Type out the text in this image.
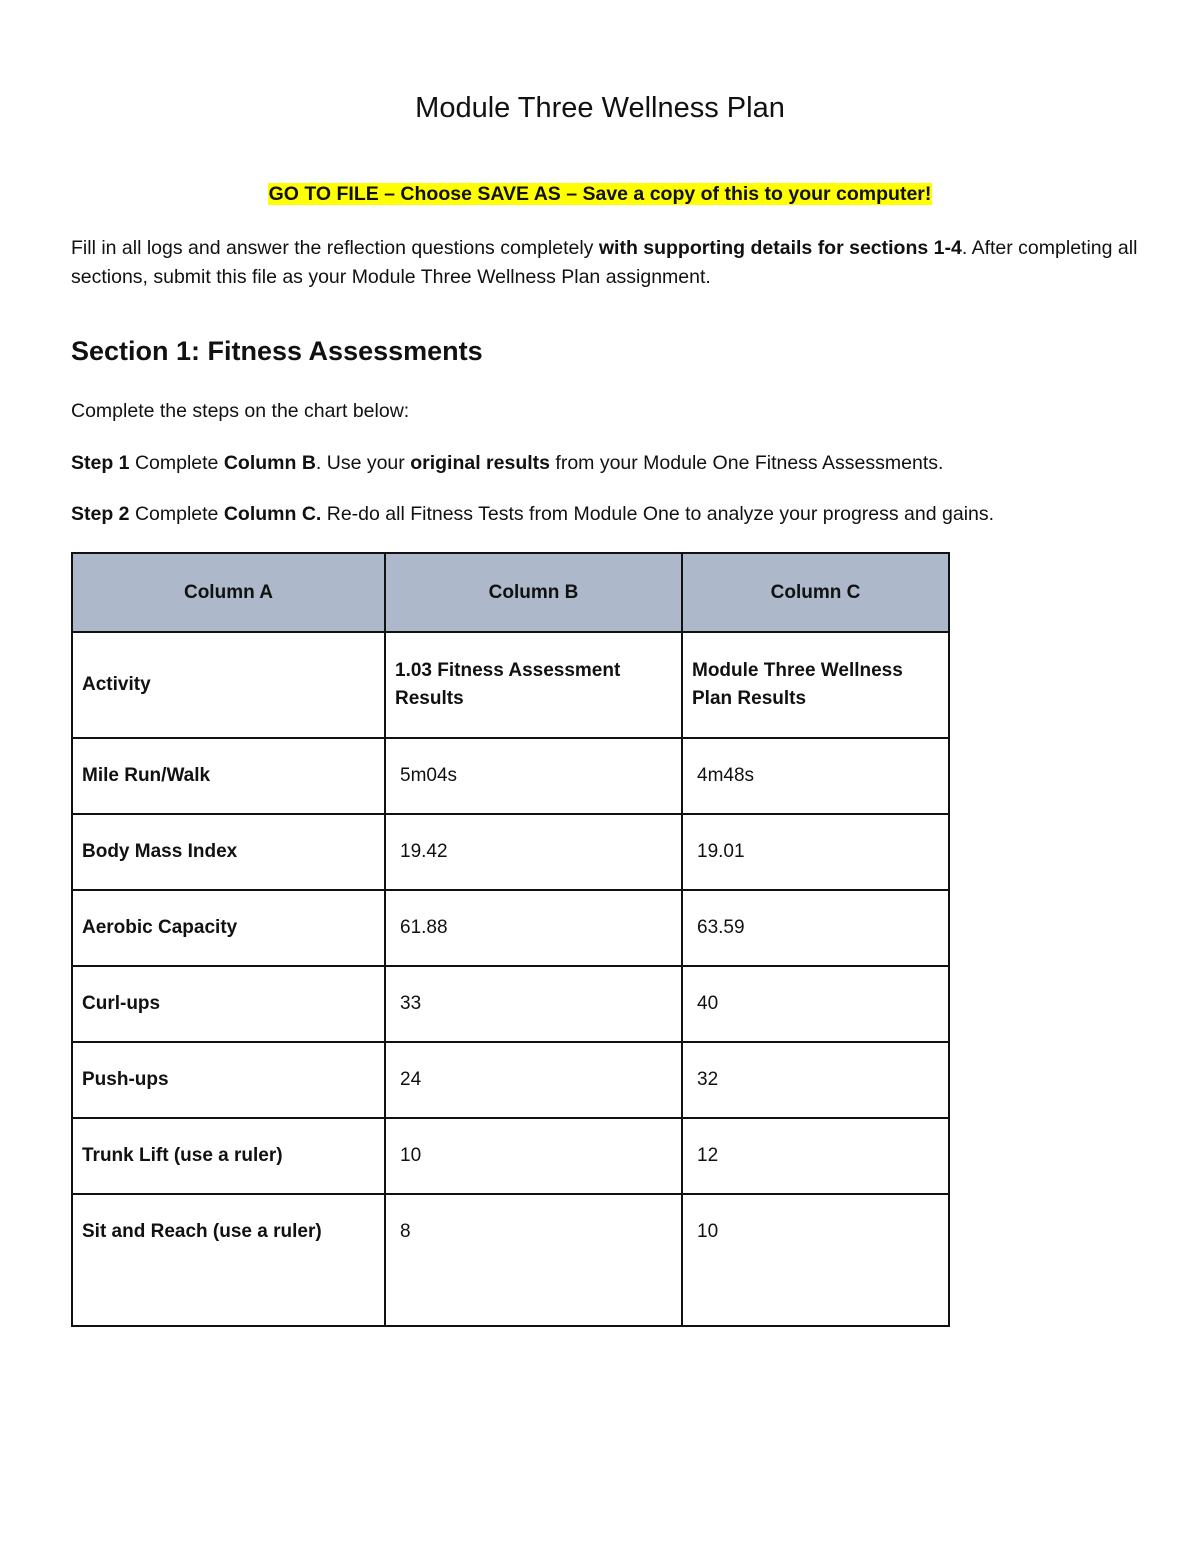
Module Three Wellness Plan
GO TO FILE – Choose SAVE AS – Save a copy of this to your computer!
Fill in all logs and answer the reflection questions completely with supporting details for sections 1-4. After completing all sections, submit this file as your Module Three Wellness Plan assignment.
Section 1: Fitness Assessments
Complete the steps on the chart below:
Step 1 Complete Column B. Use your original results from your Module One Fitness Assessments.
Step 2 Complete Column C. Re-do all Fitness Tests from Module One to analyze your progress and gains.
Column A	Column B	Column C
Activity	1.03 Fitness Assessment Results	Module Three Wellness Plan Results
Mile Run/Walk	5m04s	4m48s
Body Mass Index	19.42	19.01
Aerobic Capacity	61.88	63.59
Curl-ups	33	40
Push-ups	24	32
Trunk Lift (use a ruler)	10	12
Sit and Reach (use a ruler)	8	10
